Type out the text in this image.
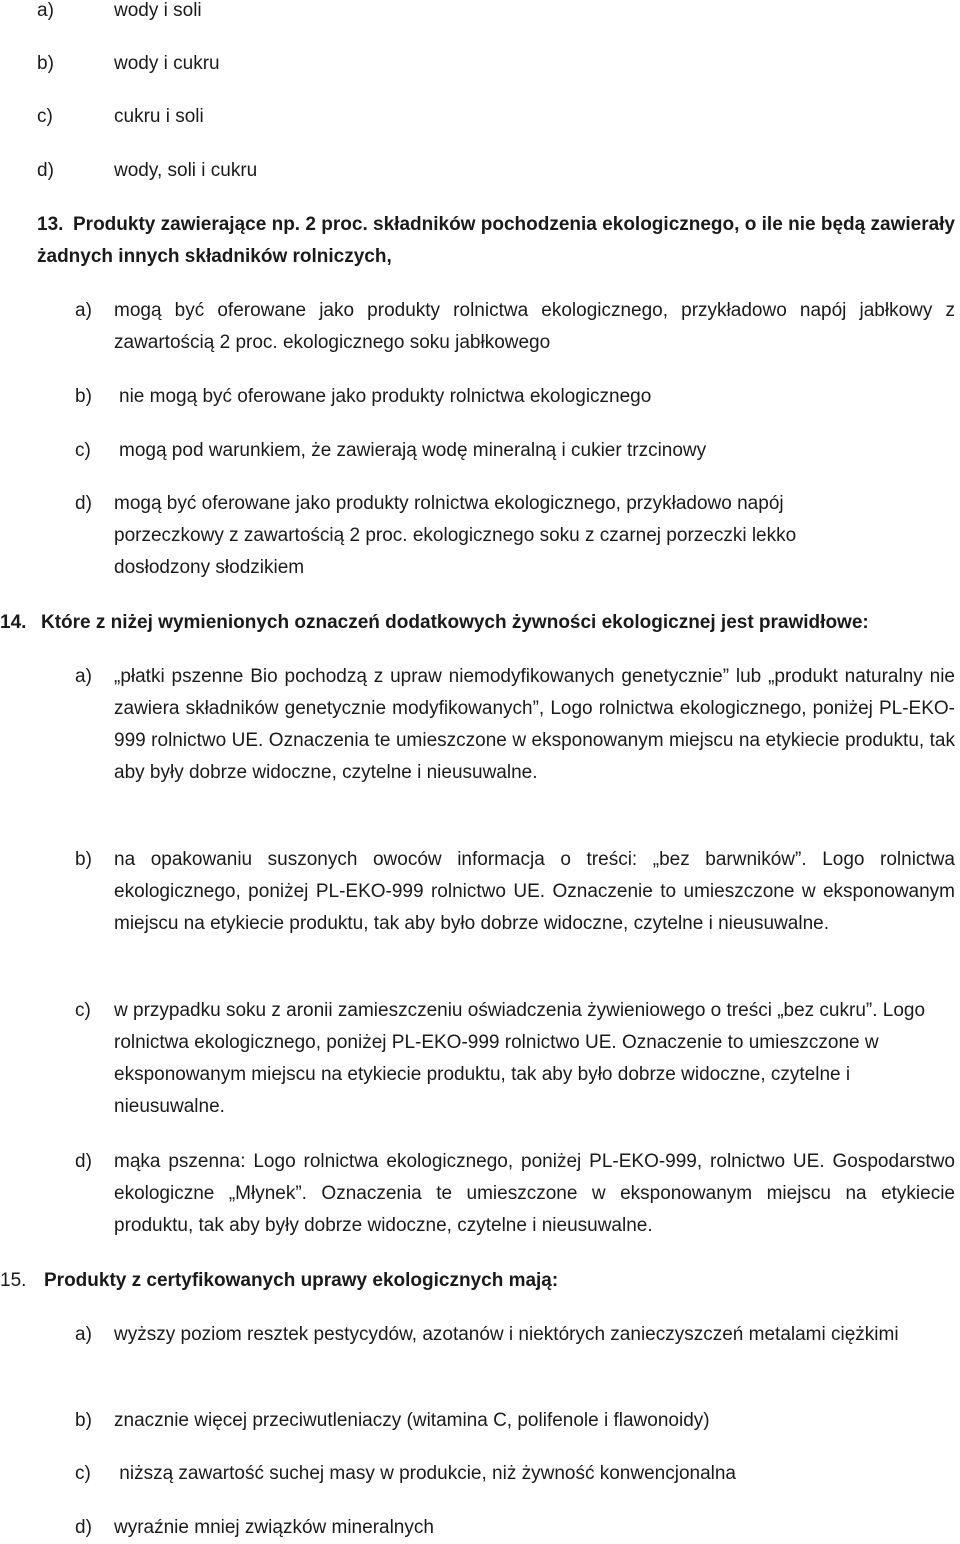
a)	wody i soli
b)	wody i cukru
c)	cukru i soli
d)	wody, soli i cukru
13. Produkty zawierające np. 2 proc. składników pochodzenia ekologicznego, o ile nie będą zawierały żadnych innych składników rolniczych,
a) mogą być oferowane jako produkty rolnictwa ekologicznego, przykładowo napój jabłkowy z zawartością 2 proc. ekologicznego soku jabłkowego
b) nie mogą być oferowane jako produkty rolnictwa ekologicznego
c) mogą pod warunkiem, że zawierają wodę mineralną i cukier trzcinowy
d) mogą być oferowane jako produkty rolnictwa ekologicznego, przykładowo napój porzeczkowy z zawartością 2 proc. ekologicznego soku z czarnej porzeczki lekko dosłodzony słodzikiem
14. Które z niżej wymienionych oznaczeń dodatkowych żywności ekologicznej jest prawidłowe:
a) „płatki pszenne Bio pochodzą z upraw niemodyfikowanych genetycznie” lub „produkt naturalny nie zawiera składników genetycznie modyfikowanych”, Logo rolnictwa ekologicznego, poniżej PL-EKO-999 rolnictwo UE. Oznaczenia te umieszczone w eksponowanym miejscu na etykiecie produktu, tak aby były dobrze widoczne, czytelne i nieusuwalne.
b) na opakowaniu suszonych owoców informacja o treści: „bez barwników”. Logo rolnictwa ekologicznego, poniżej PL-EKO-999 rolnictwo UE. Oznaczenie to umieszczone w eksponowanym miejscu na etykiecie produktu, tak aby było dobrze widoczne, czytelne i nieusuwalne.
c) w przypadku soku z aronii zamieszczeniu oświadczenia żywieniowego o treści „bez cukru”. Logo rolnictwa ekologicznego, poniżej PL-EKO-999 rolnictwo UE. Oznaczenie to umieszczone w eksponowanym miejscu na etykiecie produktu, tak aby było dobrze widoczne, czytelne i nieusuwalne.
d) mąka pszenna: Logo rolnictwa ekologicznego, poniżej PL-EKO-999, rolnictwo UE. Gospodarstwo ekologiczne „Młynek”. Oznaczenia te umieszczone w eksponowanym miejscu na etykiecie produktu, tak aby były dobrze widoczne, czytelne i nieusuwalne.
15. Produkty z certyfikowanych uprawy ekologicznych mają:
a) wyższy poziom resztek pestycydów, azotanów i niektórych zanieczyszczeń metalami ciężkimi
b) znacznie więcej przeciwutleniaczy (witamina C, polifenole i flawonoidy)
c) niższą zawartość suchej masy w produkcie, niż żywność konwencjonalna
d) wyraźnie mniej związków mineralnych
